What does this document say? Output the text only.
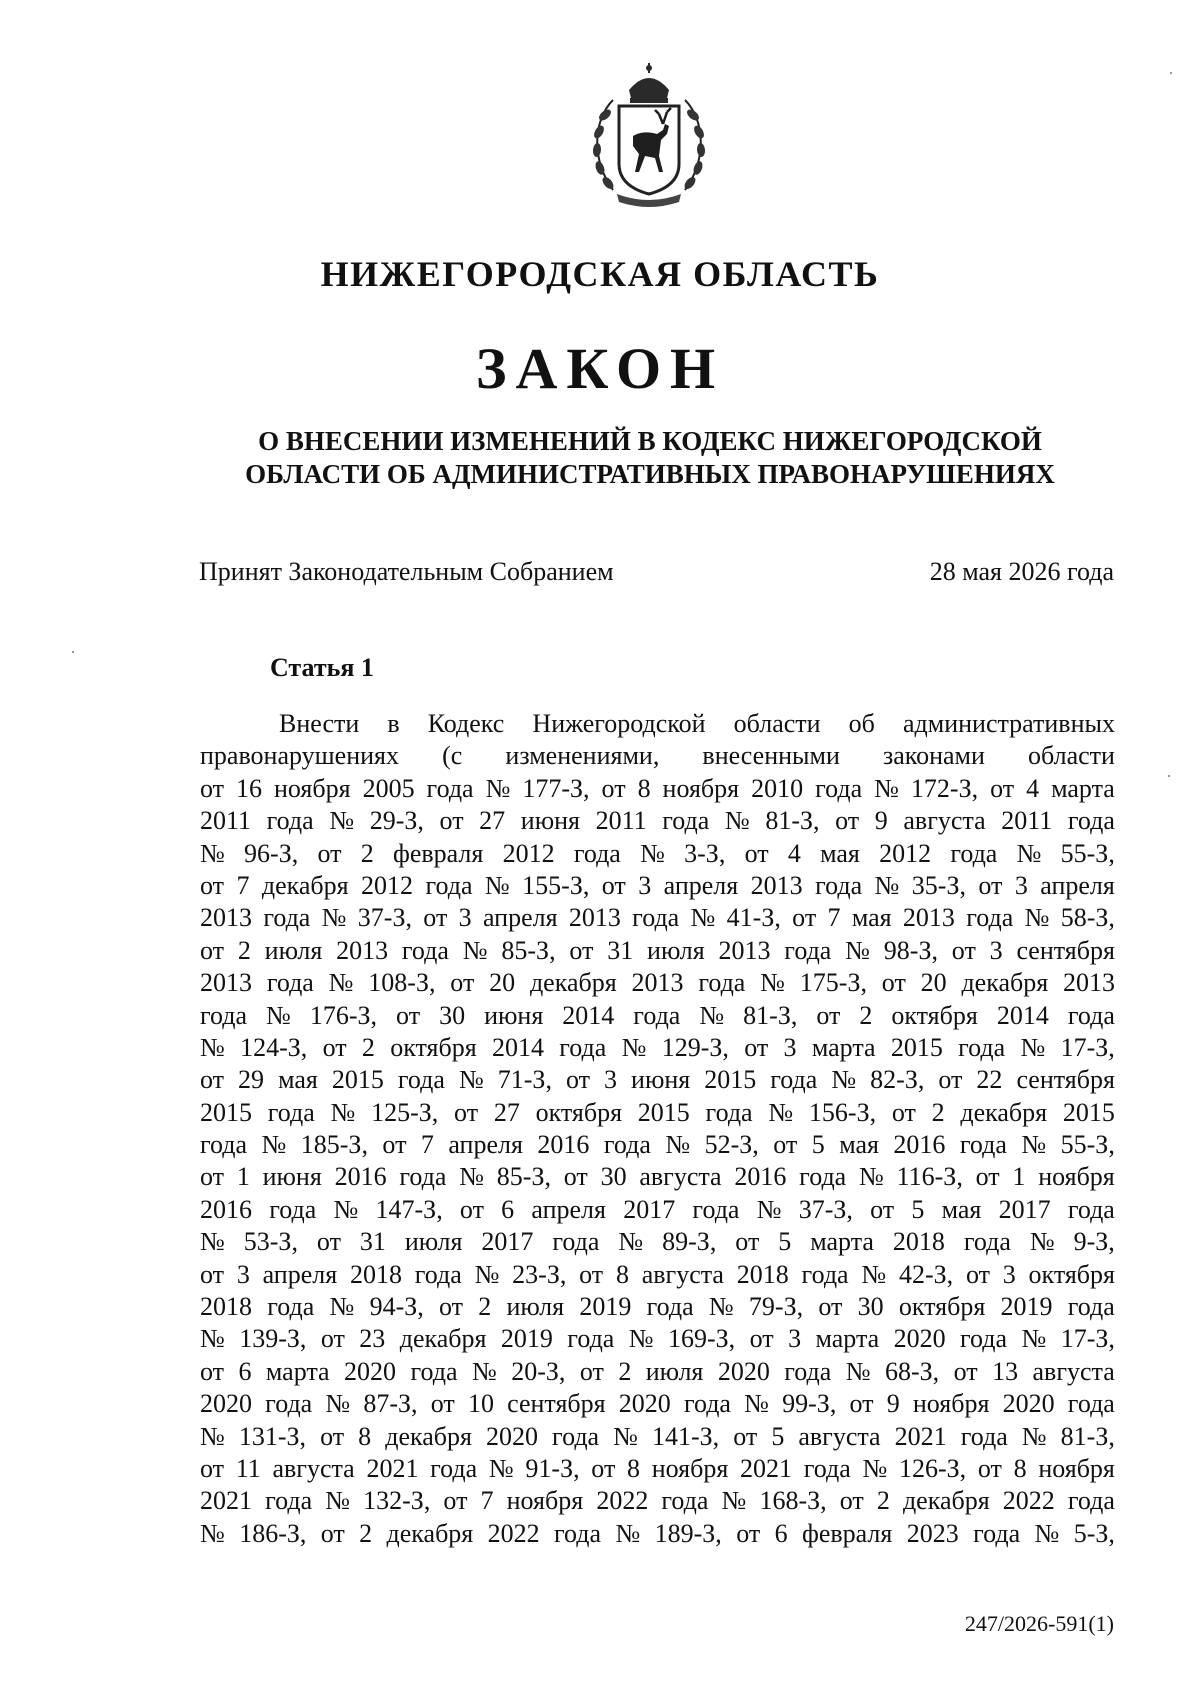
НИЖЕГОРОДСКАЯ ОБЛАСТЬ
ЗАКОН
О ВНЕСЕНИИ ИЗМЕНЕНИЙ В КОДЕКС НИЖЕГОРОДСКОЙ
ОБЛАСТИ ОБ АДМИНИСТРАТИВНЫХ ПРАВОНАРУШЕНИЯХ
Принят Законодательным Собранием	28 мая 2026 года
Статья 1
Внести в Кодекс Нижегородской области об административных
правонарушениях (с изменениями, внесенными законами области
от 16 ноября 2005 года № 177-З, от 8 ноября 2010 года № 172-З, от 4 марта
2011 года № 29-З, от 27 июня 2011 года № 81-З, от 9 августа 2011 года
№ 96-З, от 2 февраля 2012 года № 3-З, от 4 мая 2012 года № 55-З,
от 7 декабря 2012 года № 155-З, от 3 апреля 2013 года № 35-З, от 3 апреля
2013 года № 37-З, от 3 апреля 2013 года № 41-З, от 7 мая 2013 года № 58-З,
от 2 июля 2013 года № 85-З, от 31 июля 2013 года № 98-З, от 3 сентября
2013 года № 108-З, от 20 декабря 2013 года № 175-З, от 20 декабря 2013
года № 176-З, от 30 июня 2014 года № 81-З, от 2 октября 2014 года
№ 124-З, от 2 октября 2014 года № 129-З, от 3 марта 2015 года № 17-З,
от 29 мая 2015 года № 71-З, от 3 июня 2015 года № 82-З, от 22 сентября
2015 года № 125-З, от 27 октября 2015 года № 156-З, от 2 декабря 2015
года № 185-З, от 7 апреля 2016 года № 52-З, от 5 мая 2016 года № 55-З,
от 1 июня 2016 года № 85-З, от 30 августа 2016 года № 116-З, от 1 ноября
2016 года № 147-З, от 6 апреля 2017 года № 37-З, от 5 мая 2017 года
№ 53-З, от 31 июля 2017 года № 89-З, от 5 марта 2018 года № 9-З,
от 3 апреля 2018 года № 23-З, от 8 августа 2018 года № 42-З, от 3 октября
2018 года № 94-З, от 2 июля 2019 года № 79-З, от 30 октября 2019 года
№ 139-З, от 23 декабря 2019 года № 169-З, от 3 марта 2020 года № 17-З,
от 6 марта 2020 года № 20-З, от 2 июля 2020 года № 68-З, от 13 августа
2020 года № 87-З, от 10 сентября 2020 года № 99-З, от 9 ноября 2020 года
№ 131-З, от 8 декабря 2020 года № 141-З, от 5 августа 2021 года № 81-З,
от 11 августа 2021 года № 91-З, от 8 ноября 2021 года № 126-З, от 8 ноября
2021 года № 132-З, от 7 ноября 2022 года № 168-З, от 2 декабря 2022 года
№ 186-З, от 2 декабря 2022 года № 189-З, от 6 февраля 2023 года № 5-З,
247/2026-591(1)
